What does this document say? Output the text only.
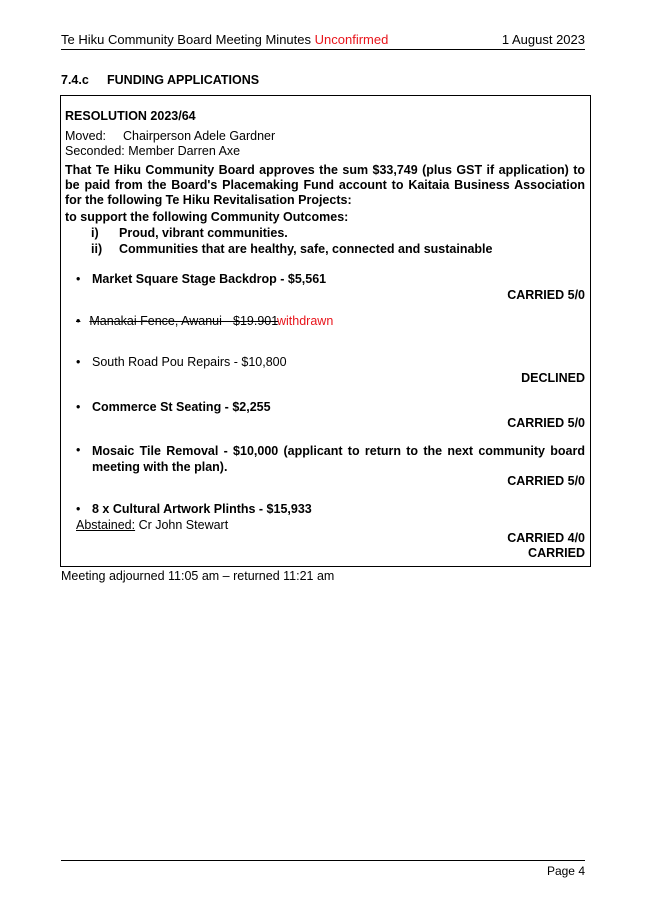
Te Hiku Community Board Meeting Minutes Unconfirmed	1 August 2023
7.4.c FUNDING APPLICATIONS
RESOLUTION 2023/64
Moved: Chairperson Adele Gardner
Seconded: Member Darren Axe
That Te Hiku Community Board approves the sum $33,749 (plus GST if application) to be paid from the Board's Placemaking Fund account to Kaitaia Business Association for the following Te Hiku Revitalisation Projects:
to support the following Community Outcomes:
i) Proud, vibrant communities.
ii) Communities that are healthy, safe, connected and sustainable
• Market Square Stage Backdrop - $5,561
CARRIED 5/0
• Manakai Fence, Awanui - $19.901
withdrawn
• South Road Pou Repairs - $10,800
DECLINED
• Commerce St Seating - $2,255
CARRIED 5/0
• Mosaic Tile Removal - $10,000 (applicant to return to the next community board
meeting with the plan).
CARRIED 5/0
• 8 x Cultural Artwork Plinths - $15,933
Abstained: Cr John Stewart
CARRIED 4/0
CARRIED
Meeting adjourned 11:05 am – returned 11:21 am
Page 4
